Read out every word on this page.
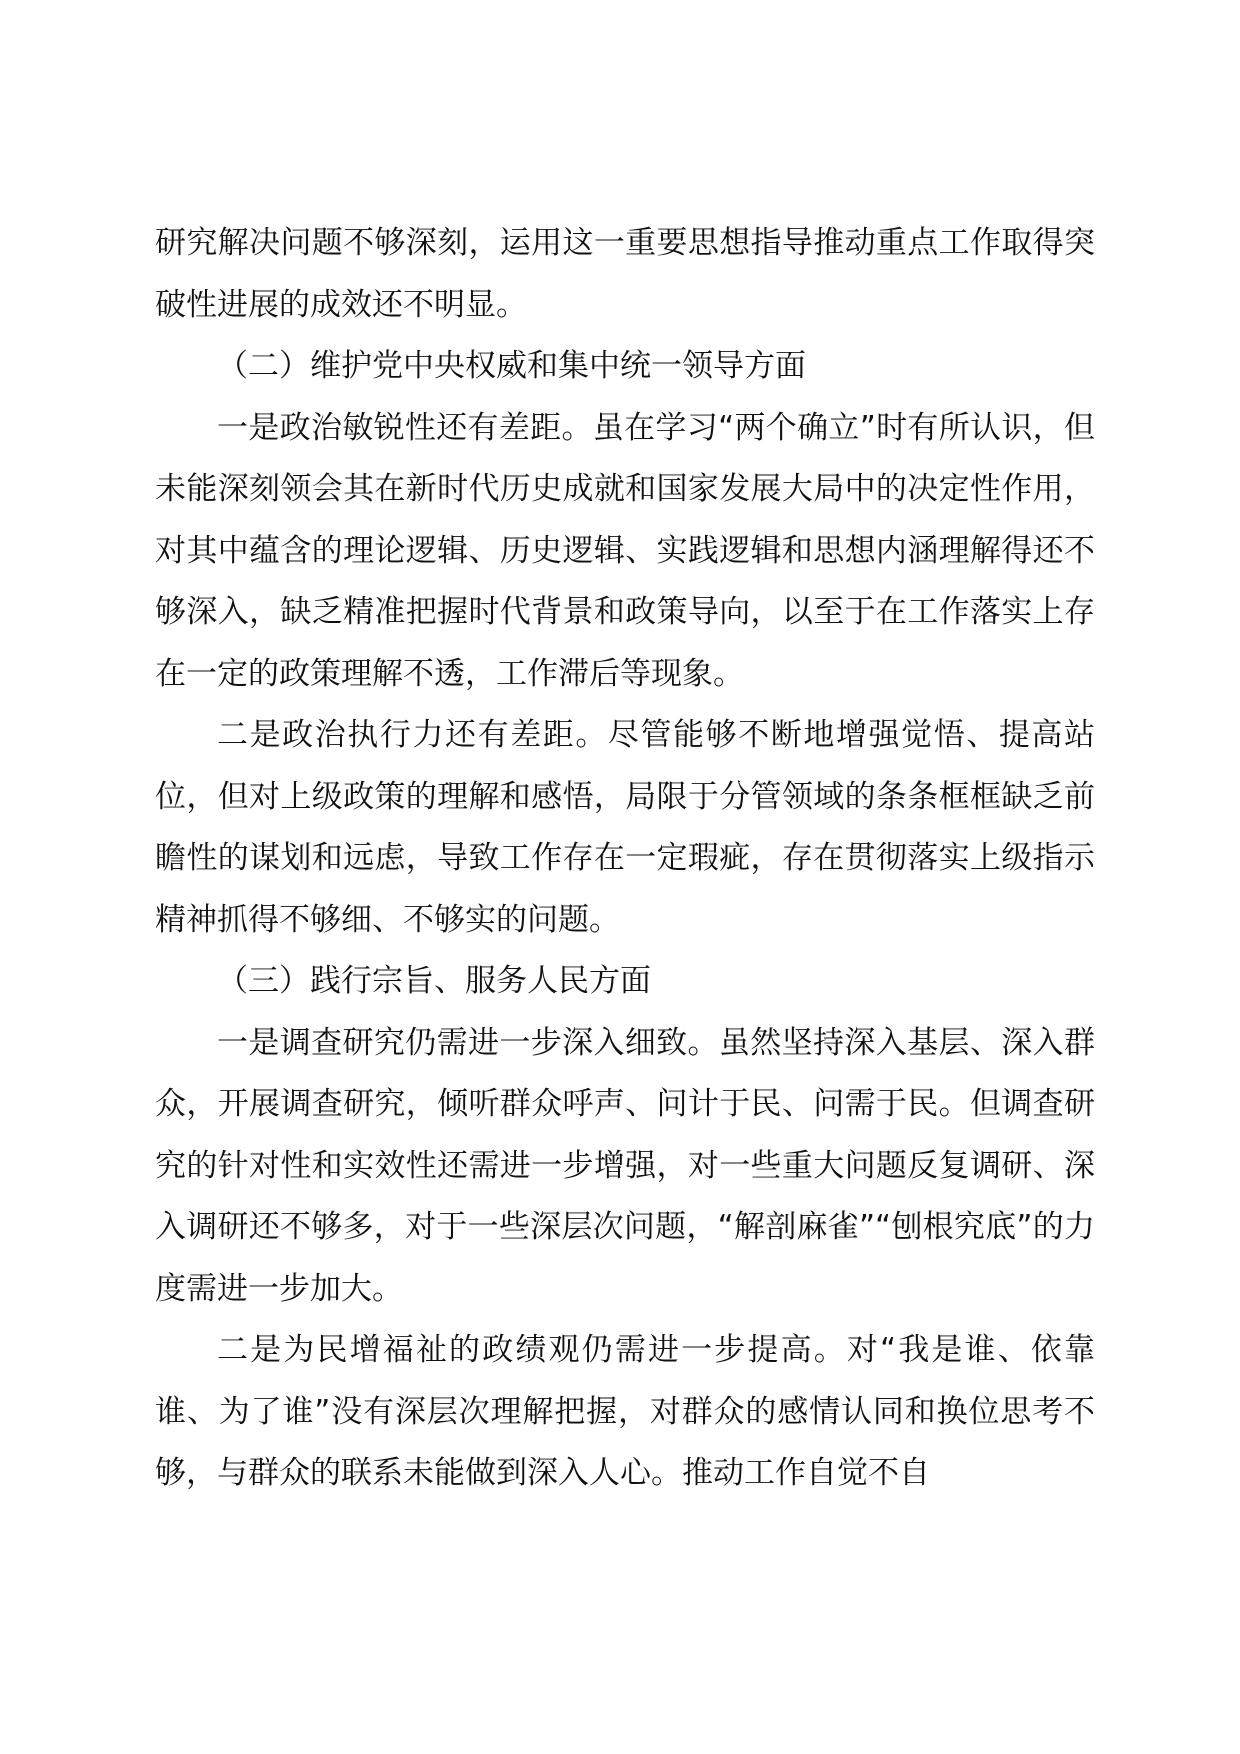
研究解决问题不够深刻，运用这一重要思想指导推动重点工作取得突破性进展的成效还不明显。

（二）维护党中央权威和集中统一领导方面

一是政治敏锐性还有差距。虽在学习“两个确立”时有所认识，但未能深刻领会其在新时代历史成就和国家发展大局中的决定性作用，对其中蕴含的理论逻辑、历史逻辑、实践逻辑和思想内涵理解得还不够深入，缺乏精准把握时代背景和政策导向，以至于在工作落实上存在一定的政策理解不透，工作滞后等现象。

二是政治执行力还有差距。尽管能够不断地增强觉悟、提高站位，但对上级政策的理解和感悟，局限于分管领域的条条框框缺乏前瞻性的谋划和远虑，导致工作存在一定瑕疵，存在贯彻落实上级指示精神抓得不够细、不够实的问题。

（三）践行宗旨、服务人民方面

一是调查研究仍需进一步深入细致。虽然坚持深入基层、深入群众，开展调查研究，倾听群众呼声、问计于民、问需于民。但调查研究的针对性和实效性还需进一步增强，对一些重大问题反复调研、深入调研还不够多，对于一些深层次问题，“解剖麻雀”“刨根究底”的力度需进一步加大。

二是为民增福祉的政绩观仍需进一步提高。对“我是谁、依靠谁、为了谁”没有深层次理解把握，对群众的感情认同和换位思考不够，与群众的联系未能做到深入人心。推动工作自觉不自
